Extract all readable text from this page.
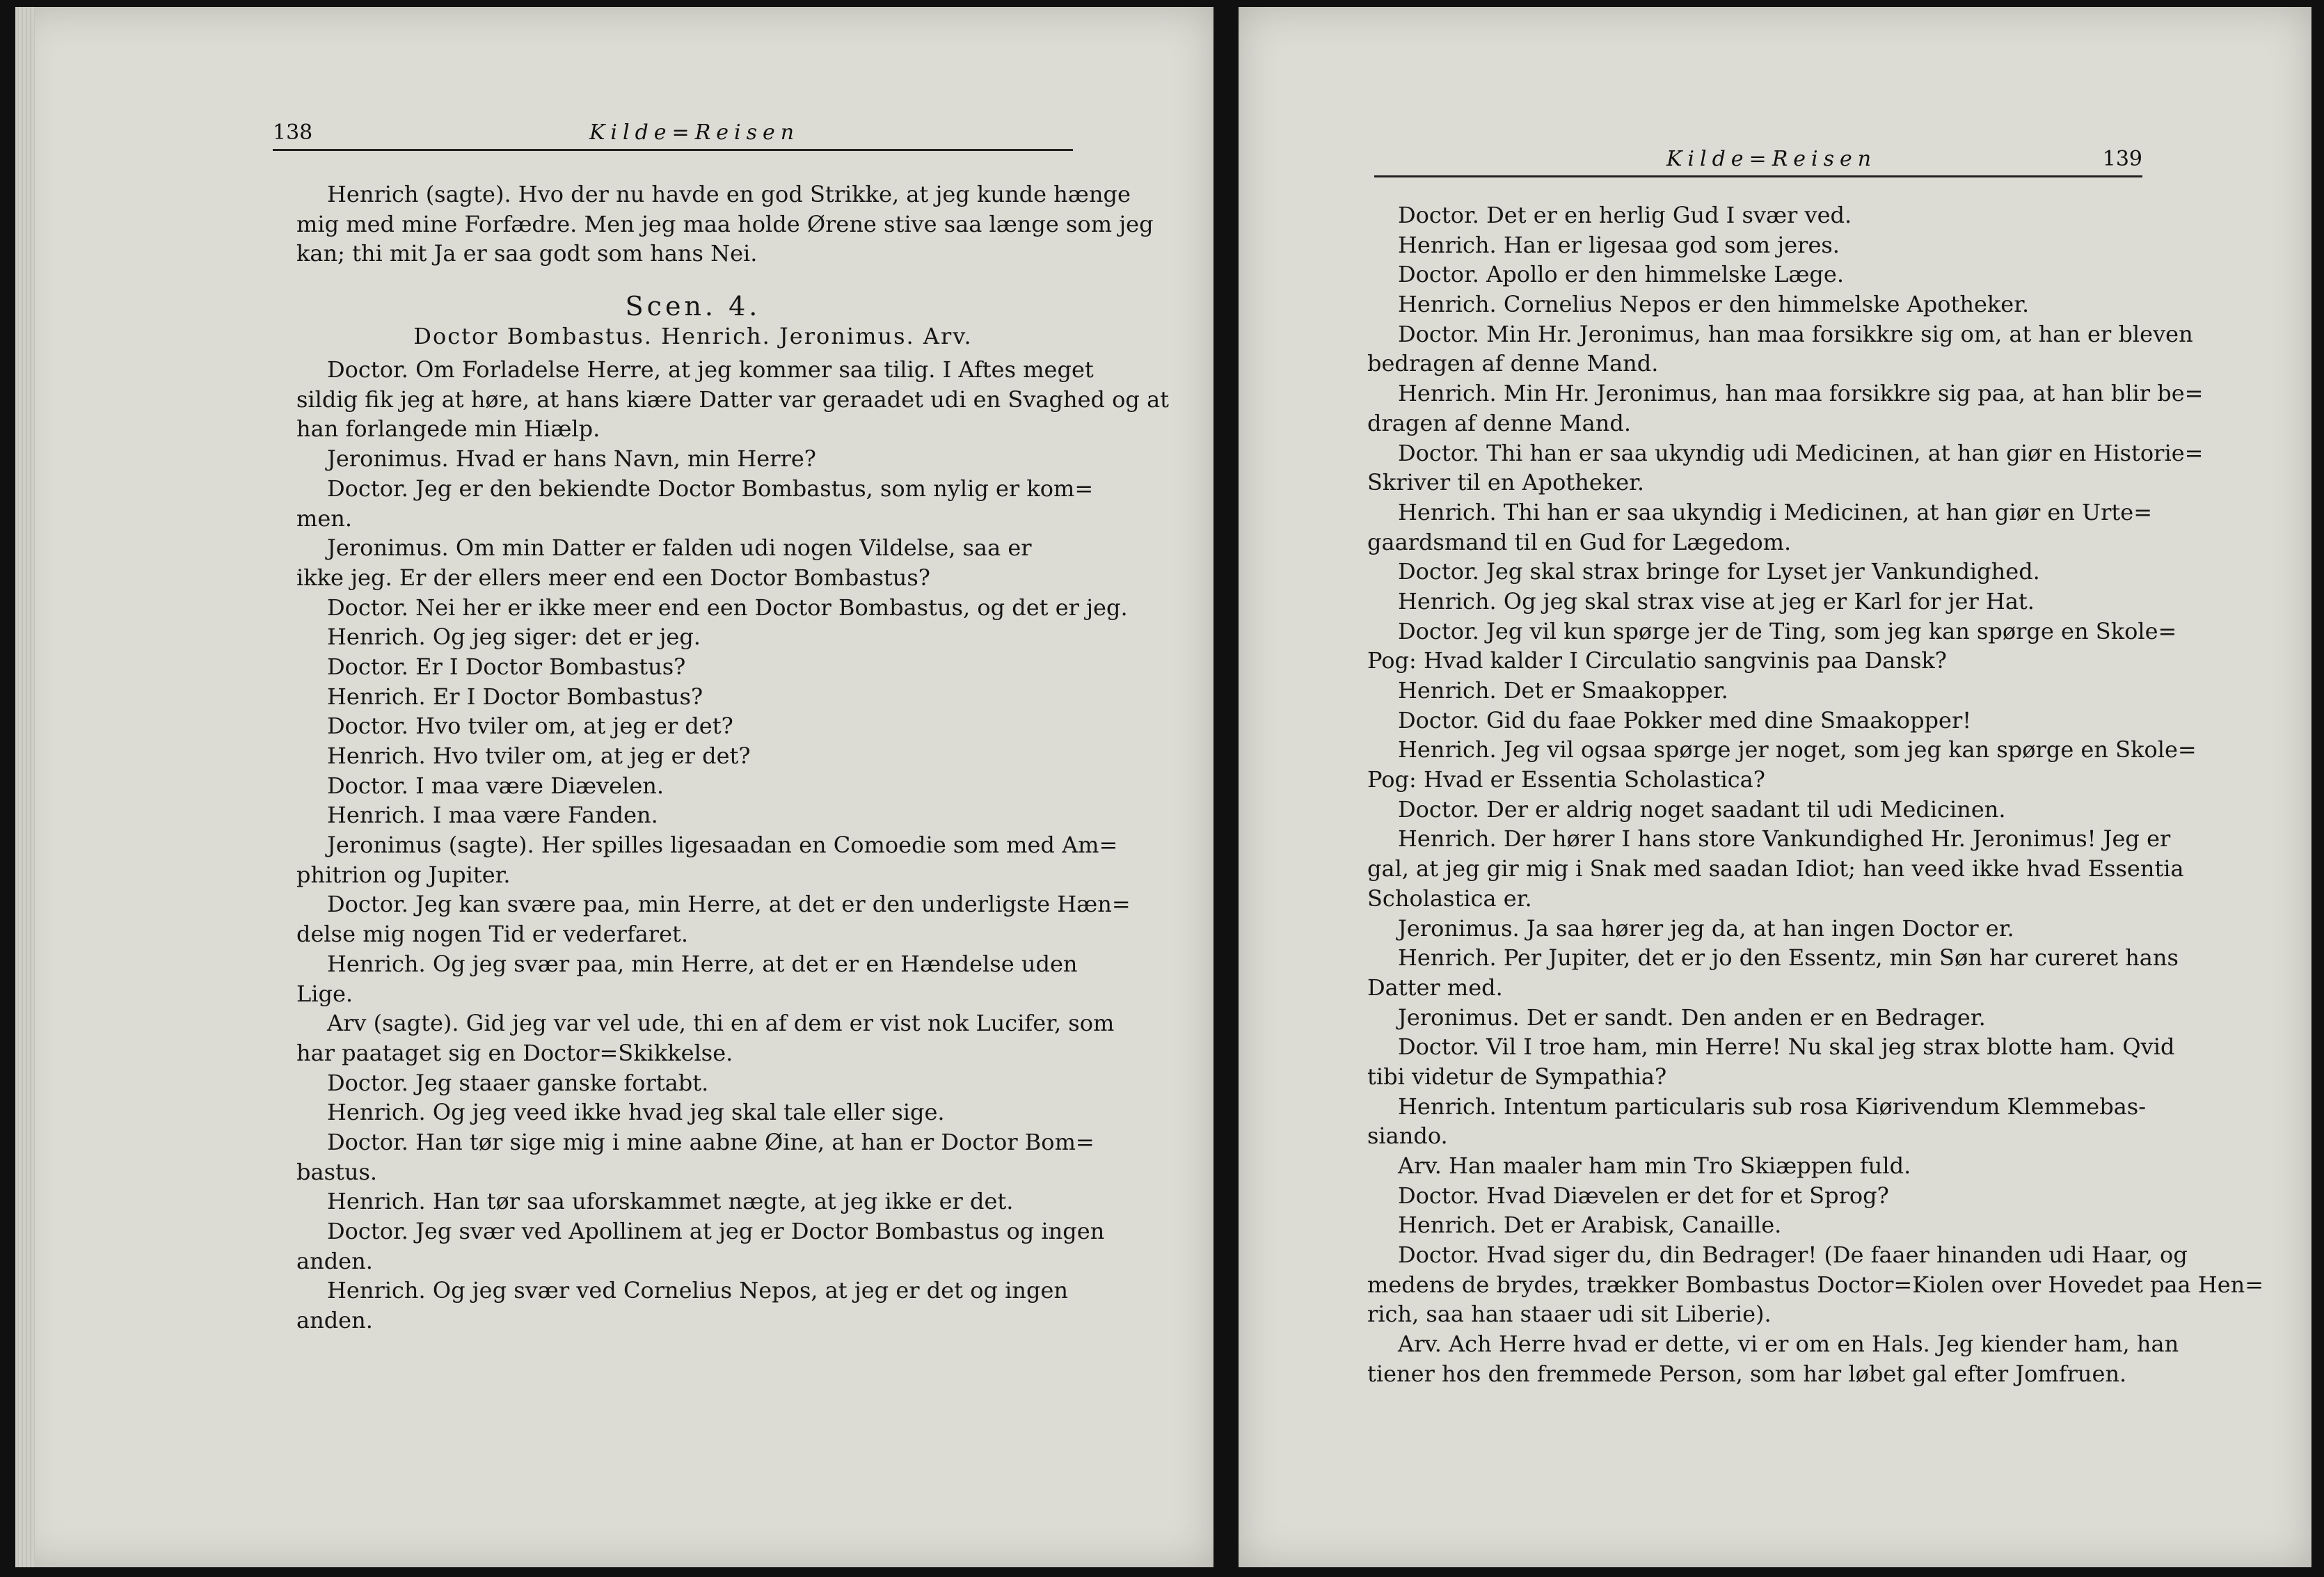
138	Kilde=Reisen
Henrich (sagte). Hvo der nu havde en god Strikke, at jeg kunde hænge
mig med mine Forfædre. Men jeg maa holde Ørene stive saa længe som jeg
kan; thi mit Ja er saa godt som hans Nei.
Scen. 4.
Doctor Bombastus. Henrich. Jeronimus. Arv.
Doctor. Om Forladelse Herre, at jeg kommer saa tilig. I Aftes meget
sildig fik jeg at høre, at hans kiære Datter var geraadet udi en Svaghed og at
han forlangede min Hiælp.
Jeronimus. Hvad er hans Navn, min Herre?
Doctor. Jeg er den bekiendte Doctor Bombastus, som nylig er kom=
men.
Jeronimus. Om min Datter er falden udi nogen Vildelse, saa er
ikke jeg. Er der ellers meer end een Doctor Bombastus?
Doctor. Nei her er ikke meer end een Doctor Bombastus, og det er jeg.
Henrich. Og jeg siger: det er jeg.
Doctor. Er I Doctor Bombastus?
Henrich. Er I Doctor Bombastus?
Doctor. Hvo tviler om, at jeg er det?
Henrich. Hvo tviler om, at jeg er det?
Doctor. I maa være Diævelen.
Henrich. I maa være Fanden.
Jeronimus (sagte). Her spilles ligesaadan en Comoedie som med Am=
phitrion og Jupiter.
Doctor. Jeg kan svære paa, min Herre, at det er den underligste Hæn=
delse mig nogen Tid er vederfaret.
Henrich. Og jeg svær paa, min Herre, at det er en Hændelse uden
Lige.
Arv (sagte). Gid jeg var vel ude, thi en af dem er vist nok Lucifer, som
har paataget sig en Doctor=Skikkelse.
Doctor. Jeg staaer ganske fortabt.
Henrich. Og jeg veed ikke hvad jeg skal tale eller sige.
Doctor. Han tør sige mig i mine aabne Øine, at han er Doctor Bom=
bastus.
Henrich. Han tør saa uforskammet nægte, at jeg ikke er det.
Doctor. Jeg svær ved Apollinem at jeg er Doctor Bombastus og ingen
anden.
Henrich. Og jeg svær ved Cornelius Nepos, at jeg er det og ingen
anden.
Kilde=Reisen	139
Doctor. Det er en herlig Gud I svær ved.
Henrich. Han er ligesaa god som jeres.
Doctor. Apollo er den himmelske Læge.
Henrich. Cornelius Nepos er den himmelske Apotheker.
Doctor. Min Hr. Jeronimus, han maa forsikkre sig om, at han er bleven
bedragen af denne Mand.
Henrich. Min Hr. Jeronimus, han maa forsikkre sig paa, at han blir be=
dragen af denne Mand.
Doctor. Thi han er saa ukyndig udi Medicinen, at han giør en Historie=
Skriver til en Apotheker.
Henrich. Thi han er saa ukyndig i Medicinen, at han giør en Urte=
gaardsmand til en Gud for Lægedom.
Doctor. Jeg skal strax bringe for Lyset jer Vankundighed.
Henrich. Og jeg skal strax vise at jeg er Karl for jer Hat.
Doctor. Jeg vil kun spørge jer de Ting, som jeg kan spørge en Skole=
Pog: Hvad kalder I Circulatio sangvinis paa Dansk?
Henrich. Det er Smaakopper.
Doctor. Gid du faae Pokker med dine Smaakopper!
Henrich. Jeg vil ogsaa spørge jer noget, som jeg kan spørge en Skole=
Pog: Hvad er Essentia Scholastica?
Doctor. Der er aldrig noget saadant til udi Medicinen.
Henrich. Der hører I hans store Vankundighed Hr. Jeronimus! Jeg er
gal, at jeg gir mig i Snak med saadan Idiot; han veed ikke hvad Essentia
Scholastica er.
Jeronimus. Ja saa hører jeg da, at han ingen Doctor er.
Henrich. Per Jupiter, det er jo den Essentz, min Søn har cureret hans
Datter med.
Jeronimus. Det er sandt. Den anden er en Bedrager.
Doctor. Vil I troe ham, min Herre! Nu skal jeg strax blotte ham. Qvid
tibi videtur de Sympathia?
Henrich. Intentum particularis sub rosa Kiørivendum Klemmebas-
siando.
Arv. Han maaler ham min Tro Skiæppen fuld.
Doctor. Hvad Diævelen er det for et Sprog?
Henrich. Det er Arabisk, Canaille.
Doctor. Hvad siger du, din Bedrager! (De faaer hinanden udi Haar, og
medens de brydes, trækker Bombastus Doctor=Kiolen over Hovedet paa Hen=
rich, saa han staaer udi sit Liberie).
Arv. Ach Herre hvad er dette, vi er om en Hals. Jeg kiender ham, han
tiener hos den fremmede Person, som har løbet gal efter Jomfruen.
